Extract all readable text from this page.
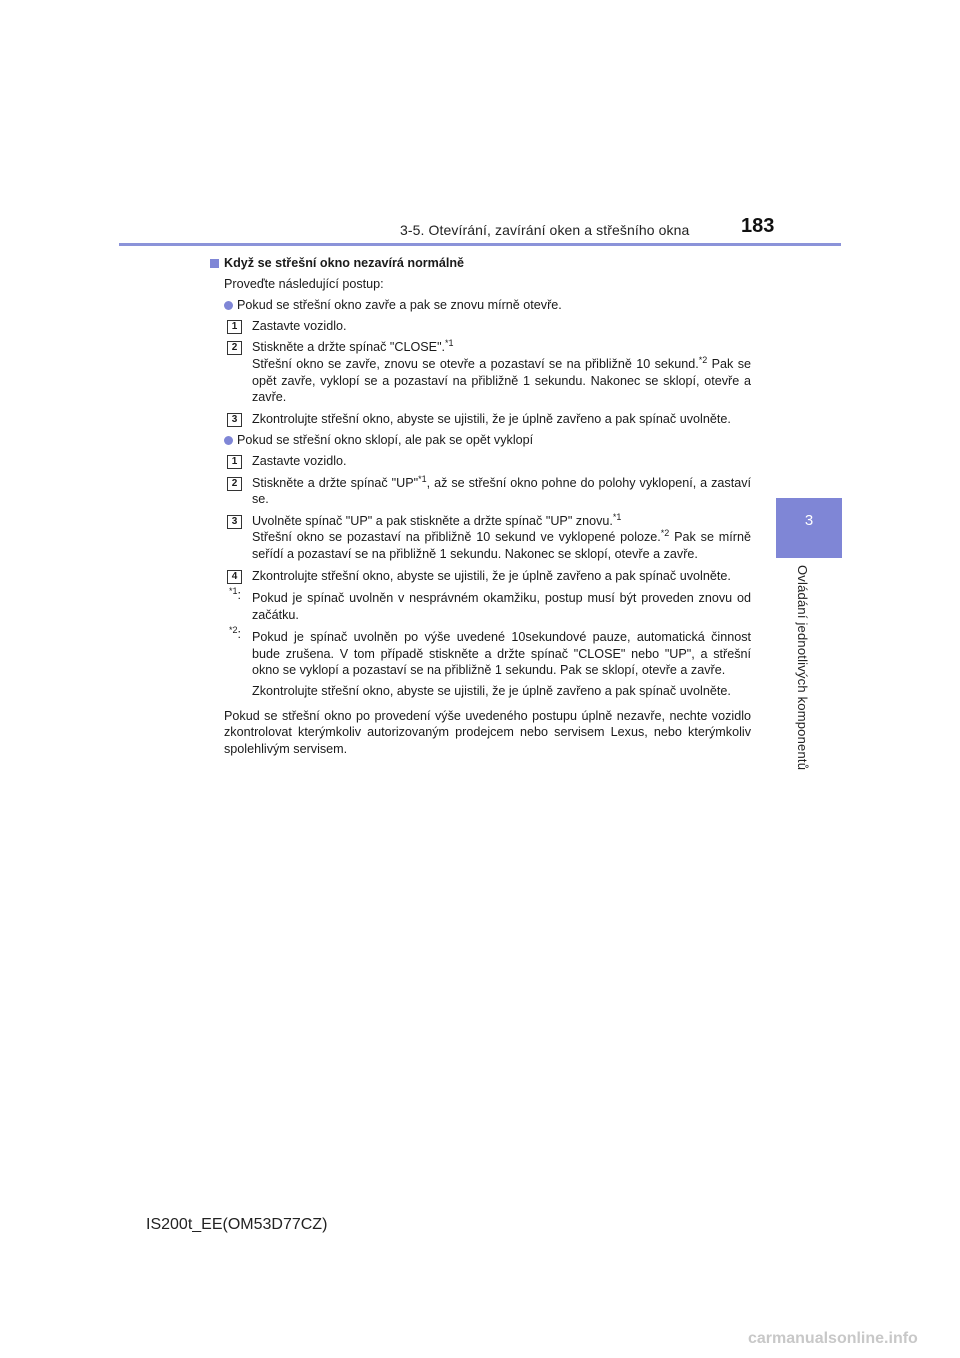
3-5. Otevírání, zavírání oken a střešního okna	183
3
Ovládání jednotlivých komponentů
Když se střešní okno nezavírá normálně

Proveďte následující postup:

Pokud se střešní okno zavře a pak se znovu mírně otevře.
1	Zastavte vozidlo.

2	Stiskněte a držte spínač "CLOSE".$^{*1}$
Střešní okno se zavře, znovu se otevře a pozastaví se na přibližně 10 sekund.$^{*2}$ Pak se opět zavře, vyklopí se a pozastaví na přibližně 1 sekundu. Nakonec se sklopí, otevře a zavře.

3	Zkontrolujte střešní okno, abyste se ujistili, že je úplně zavřeno a pak spínač uvolněte.

Pokud se střešní okno sklopí, ale pak se opět vyklopí
1	Zastavte vozidlo.

2	Stiskněte a držte spínač "UP"$^{*1}$, až se střešní okno pohne do polohy vyklopení, a zastaví se.

3	Uvolněte spínač "UP" a pak stiskněte a držte spínač "UP" znovu.$^{*1}$
Střešní okno se pozastaví na přibližně 10 sekund ve vyklopené poloze.$^{*2}$ Pak se mírně seřídí a pozastaví se na přibližně 1 sekundu. Nakonec se sklopí, otevře a zavře.

4	Zkontrolujte střešní okno, abyste se ujistili, že je úplně zavřeno a pak spínač uvolněte.

$^{*1}$: Pokud je spínač uvolněn v nesprávném okamžiku, postup musí být proveden znovu od začátku.

$^{*2}$: Pokud je spínač uvolněn po výše uvedené 10sekundové pauze, automatická činnost bude zrušena. V tom případě stiskněte a držte spínač "CLOSE" nebo "UP", a střešní okno se vyklopí a pozastaví se na přibližně 1 sekundu. Pak se sklopí, otevře a zavře.

Zkontrolujte střešní okno, abyste se ujistili, že je úplně zavřeno a pak spínač uvolněte.

Pokud se střešní okno po provedení výše uvedeného postupu úplně nezavře, nechte vozidlo zkontrolovat kterýmkoliv autorizovaným prodejcem nebo servisem Lexus, nebo kterýmkoliv spolehlivým servisem.

IS200t_EE(OM53D77CZ)
carmanualsonline.info
